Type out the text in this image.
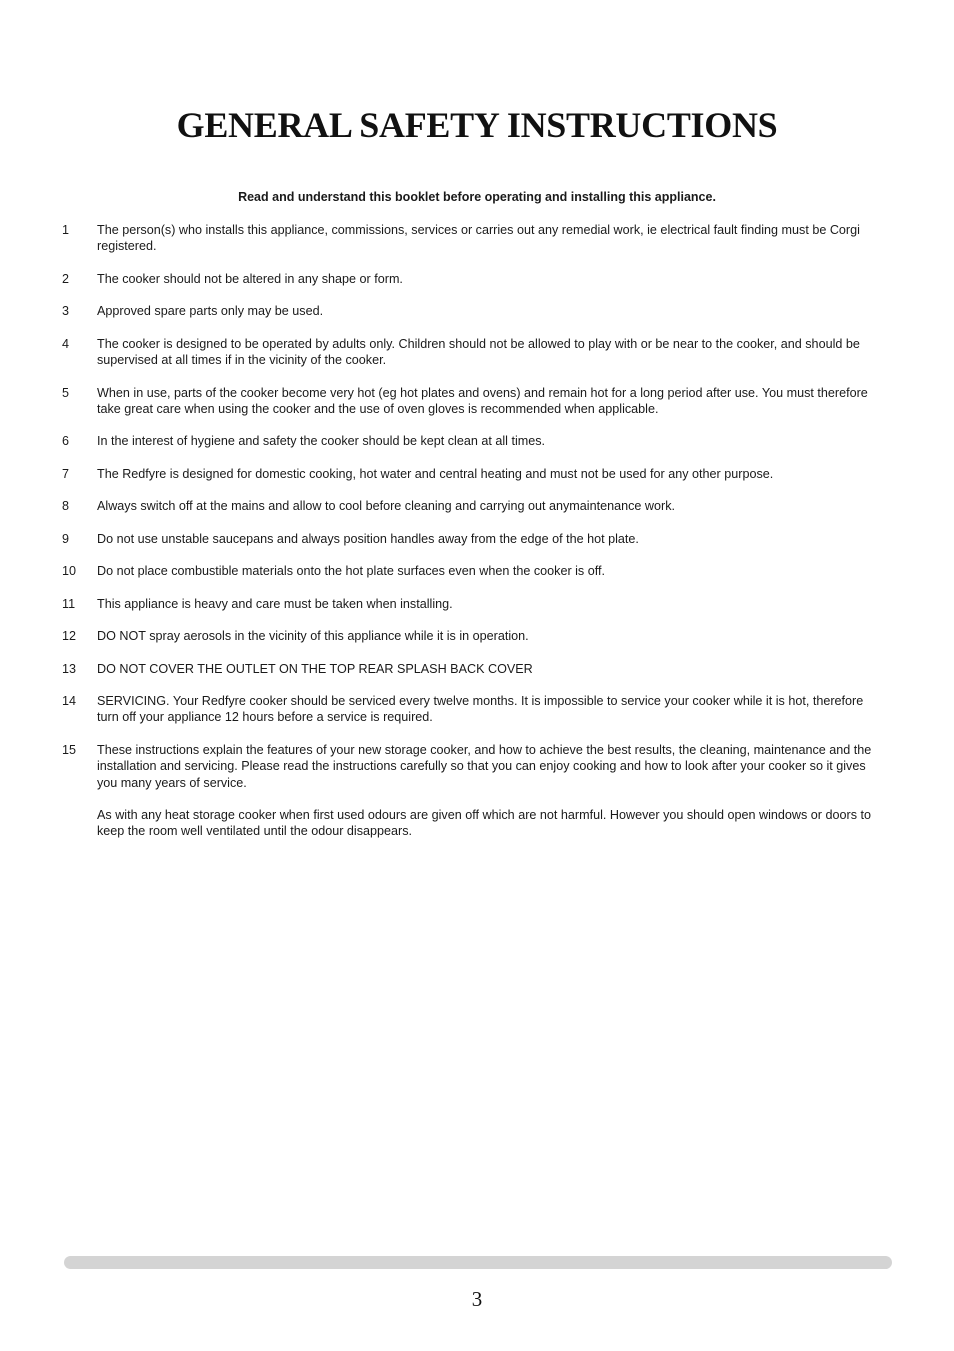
GENERAL SAFETY INSTRUCTIONS

Read and understand this booklet before operating and installing this appliance.

1	The person(s) who installs this appliance, commissions, services or carries out any remedial work, ie electrical fault finding must be Corgi registered.

2	The cooker should not be altered in any shape or form.

3	Approved spare parts only may be used.

4	The cooker is designed to be operated by adults only. Children should not be allowed to play with or be near to the cooker, and should be supervised at all times if in the vicinity of the cooker.

5	When in use, parts of the cooker become very hot (eg hot plates and ovens) and remain hot for a long period after use. You must therefore take great care when using the cooker and the use of oven gloves is recommended when applicable.

6	In the interest of hygiene and safety the cooker should be kept clean at all times.

7	The Redfyre is designed for domestic cooking, hot water and central heating and must not be used for any other purpose.

8	Always switch off at the mains and allow to cool before cleaning and carrying out anymaintenance work.

9	Do not use unstable saucepans and always position handles away from the edge of the hot plate.

10	Do not place combustible materials onto the hot plate surfaces even when the cooker is off.

11	This appliance is heavy and care must be taken when installing.

12	DO NOT spray aerosols in the vicinity of this appliance while it is in operation.

13	DO NOT COVER THE OUTLET ON THE TOP REAR SPLASH BACK COVER

14	SERVICING. Your Redfyre cooker should be serviced every twelve months. It is impossible to service your cooker while it is hot, therefore turn off your appliance 12 hours before a service is required.

15	These instructions explain the features of your new storage cooker, and how to achieve the best results, the cleaning, maintenance and the installation and servicing. Please read the instructions carefully so that you can enjoy cooking and how to look after your cooker so it gives you many years of service.

As with any heat storage cooker when first used odours are given off which are not harmful. However you should open windows or doors to keep the room well ventilated until the odour disappears.

3
